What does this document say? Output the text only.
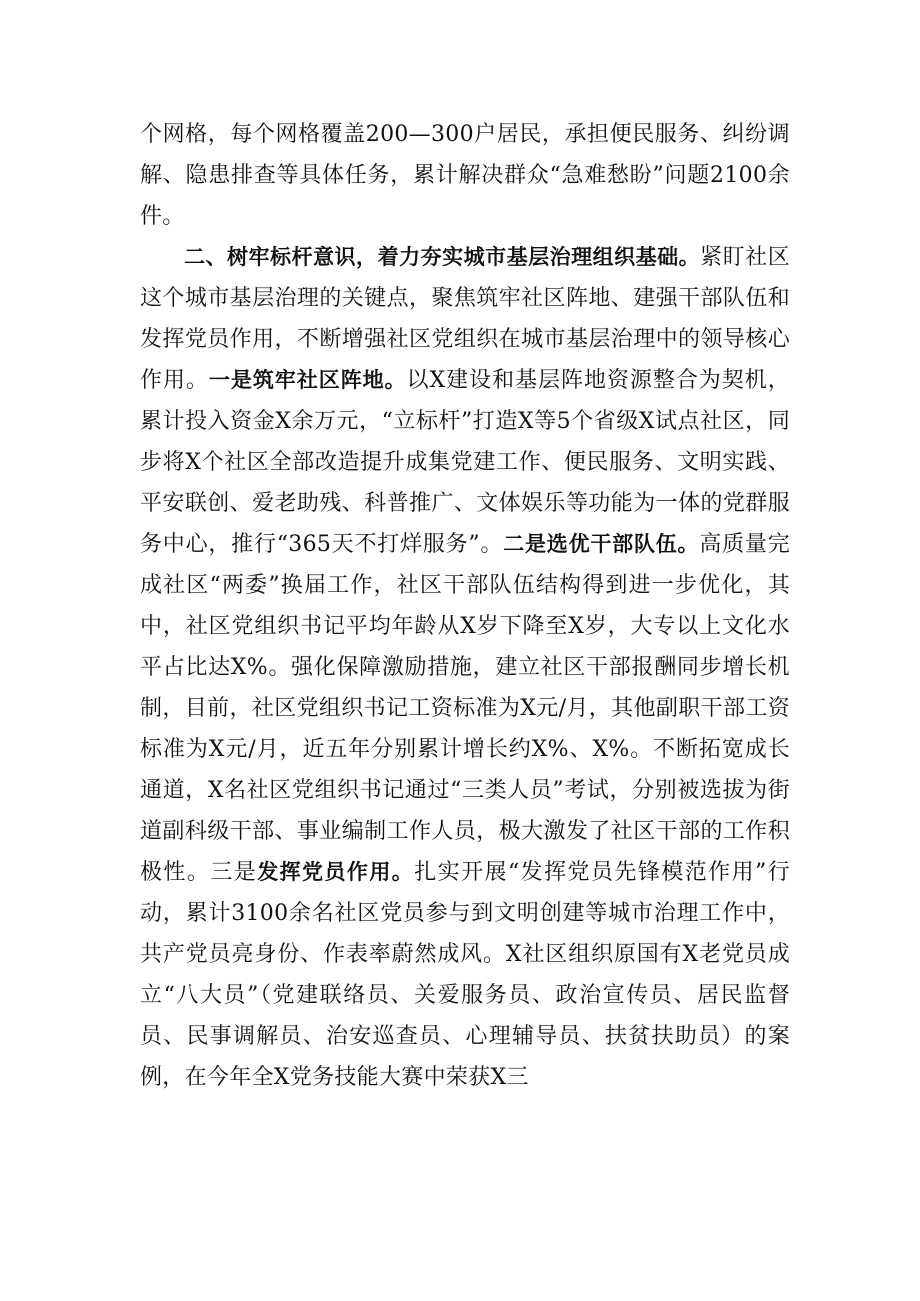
个网格，每个网格覆盖200—300户居民，承担便民服务、纠纷调解、隐患排查等具体任务，累计解决群众“急难愁盼”问题2100余件。

二、树牢标杆意识，着力夯实城市基层治理组织基础。紧盯社区这个城市基层治理的关键点，聚焦筑牢社区阵地、建强干部队伍和发挥党员作用，不断增强社区党组织在城市基层治理中的领导核心作用。一是筑牢社区阵地。以X建设和基层阵地资源整合为契机，累计投入资金X余万元，“立标杆”打造X等5个省级X试点社区，同步将X个社区全部改造提升成集党建工作、便民服务、文明实践、平安联创、爱老助残、科普推广、文体娱乐等功能为一体的党群服务中心，推行“365天不打烊服务”。二是选优干部队伍。高质量完成社区“两委”换届工作，社区干部队伍结构得到进一步优化，其中，社区党组织书记平均年龄从X岁下降至X岁，大专以上文化水平占比达X%。强化保障激励措施，建立社区干部报酬同步增长机制，目前，社区党组织书记工资标准为X元/月，其他副职干部工资标准为X元/月，近五年分别累计增长约X%、X%。不断拓宽成长通道，X名社区党组织书记通过“三类人员”考试，分别被选拔为街道副科级干部、事业编制工作人员，极大激发了社区干部的工作积极性。三是发挥党员作用。扎实开展“发挥党员先锋模范作用”行动，累计3100余名社区党员参与到文明创建等城市治理工作中，共产党员亮身份、作表率蔚然成风。X社区组织原国有X老党员成立“八大员”（党建联络员、关爱服务员、政治宣传员、居民监督员、民事调解员、治安巡查员、心理辅导员、扶贫扶助员）的案例，在今年全X党务技能大赛中荣获X三
